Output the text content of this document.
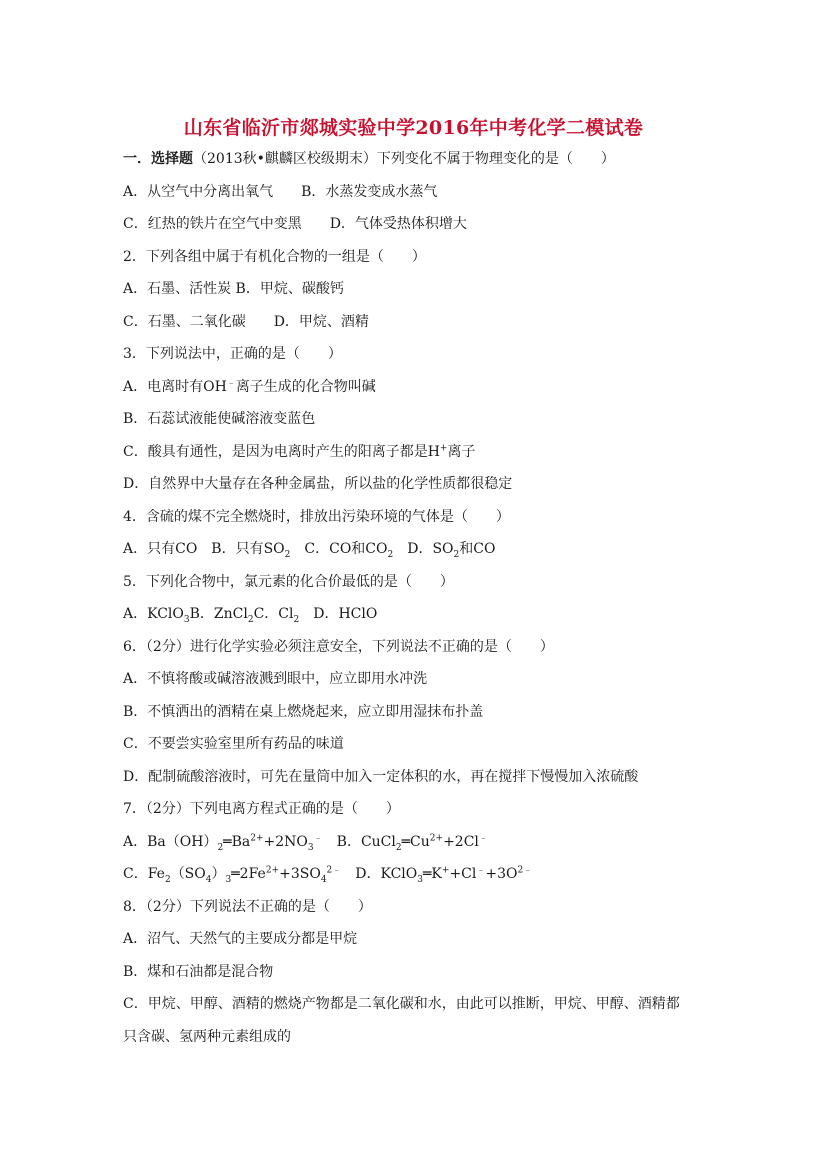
山东省临沂市郯城实验中学2016年中考化学二模试卷
一．选择题（2013秋•麒麟区校级期末）下列变化不属于物理变化的是（　　）
A．从空气中分离出氧气　　B．水蒸发变成水蒸气
C．红热的铁片在空气中变黑　　D．气体受热体积增大
2．下列各组中属于有机化合物的一组是（　　）
A．石墨、活性炭 B．甲烷、碳酸钙
C．石墨、二氧化碳　　D．甲烷、酒精
3．下列说法中，正确的是（　　）
A．电离时有OH﹣离子生成的化合物叫碱
B．石蕊试液能使碱溶液变蓝色
C．酸具有通性，是因为电离时产生的阳离子都是H+离子
D．自然界中大量存在各种金属盐，所以盐的化学性质都很稳定
4．含硫的煤不完全燃烧时，排放出污染环境的气体是（　　）
A．只有CO　B．只有$SO_2$　C．CO和$CO_2$　D．$SO_2$和CO
5．下列化合物中，氯元素的化合价最低的是（　　）
A．KClO$_3$B．ZnCl$_2$C．$Cl_2$　D．HClO
6．（2分）进行化学实验必须注意安全，下列说法不正确的是（　　）
A．不慎将酸或碱溶液溅到眼中，应立即用水冲洗
B．不慎洒出的酒精在桌上燃烧起来，应立即用湿抹布扑盖
C．不要尝实验室里所有药品的味道
D．配制硫酸溶液时，可先在量筒中加入一定体积的水，再在搅拌下慢慢加入浓硫酸
7．（2分）下列电离方程式正确的是（　　）
A．$Ba(OH)_2═Ba^{2+}+2NO_3^﹣$　B．$CuCl_2═Cu^{2+}+2Cl^﹣$
C．$Fe_2(SO_4)_3═2Fe^{2+}+3SO_4^{2﹣}$　D．$KClO_3═K^++Cl^﹣+3O^{2﹣}$
8．（2分）下列说法不正确的是（　　）
A．沼气、天然气的主要成分都是甲烷
B．煤和石油都是混合物
C．甲烷、甲醇、酒精的燃烧产物都是二氧化碳和水，由此可以推断，甲烷、甲醇、酒精都
只含碳、氢两种元素组成的
